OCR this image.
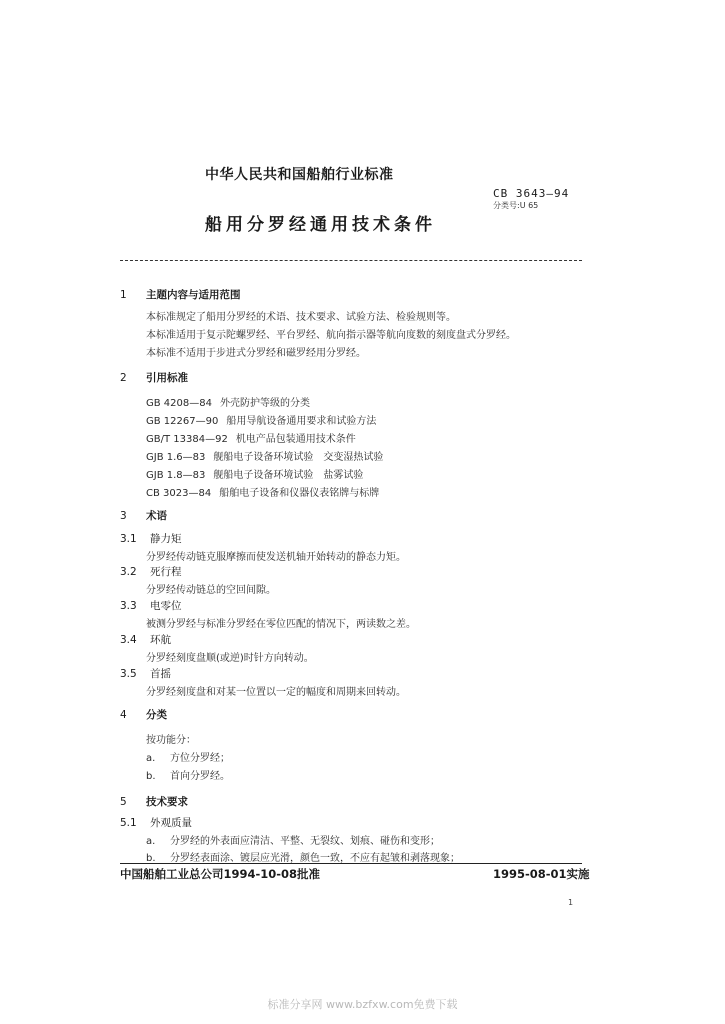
中华人民共和国船舶行业标准
CB 3643—94
分类号:U 65
船用分罗经通用技术条件
1 主题内容与适用范围
本标准规定了船用分罗经的术语、技术要求、试验方法、检验规则等。
本标准适用于复示陀螺罗经、平台罗经、航向指示器等航向度数的刻度盘式分罗经。
本标准不适用于步进式分罗经和磁罗经用分罗经。
2 引用标准
GB 4208—84 外壳防护等级的分类
GB 12267—90 船用导航设备通用要求和试验方法
GB/T 13384—92 机电产品包装通用技术条件
GJB 1.6—83 舰船电子设备环境试验　交变湿热试验
GJB 1.8—83 舰船电子设备环境试验　盐雾试验
CB 3023—84 船舶电子设备和仪器仪表铭牌与标牌
3 术语
3.1 静力矩
分罗经传动链克服摩擦而使发送机轴开始转动的静态力矩。
3.2 死行程
分罗经传动链总的空回间隙。
3.3 电零位
被测分罗经与标准分罗经在零位匹配的情况下，两读数之差。
3.4 环航
分罗经刻度盘顺(或逆)时针方向转动。
3.5 首摇
分罗经刻度盘和对某一位置以一定的幅度和周期来回转动。
4 分类
按功能分：
a. 方位分罗经；
b. 首向分罗经。
5 技术要求
5.1 外观质量
a. 分罗经的外表面应清洁、平整、无裂纹、划痕、碰伤和变形；
b. 分罗经表面涂、镀层应光滑，颜色一致，不应有起皱和剥落现象；
中国船舶工业总公司1994-10-08批准	1995-08-01实施
1
标准分享网 www.bzfxw.com免费下载
